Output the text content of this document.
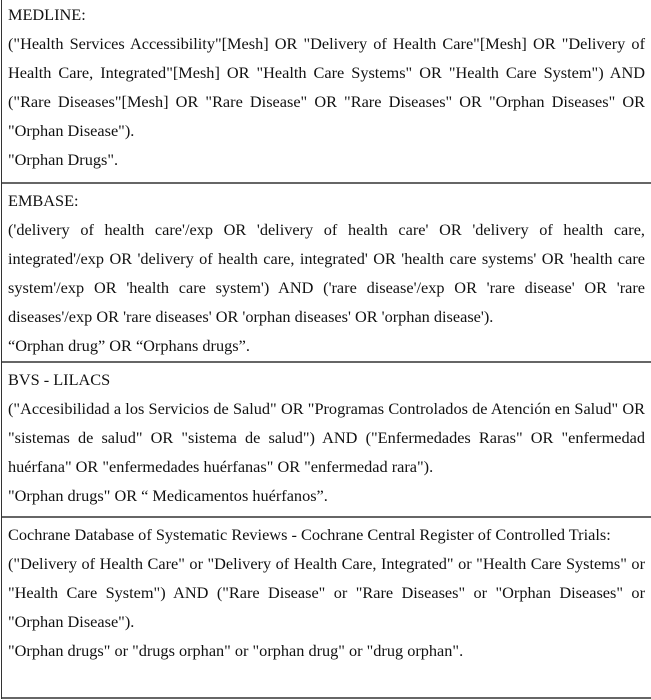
MEDLINE:

("Health Services Accessibility"[Mesh] OR "Delivery of Health Care"[Mesh] OR "Delivery of Health Care, Integrated"[Mesh] OR "Health Care Systems" OR "Health Care System") AND ("Rare Diseases"[Mesh] OR "Rare Disease" OR "Rare Diseases" OR "Orphan Diseases" OR "Orphan Disease").

"Orphan Drugs".

EMBASE:

('delivery of health care'/exp OR 'delivery of health care' OR 'delivery of health care, integrated'/exp OR 'delivery of health care, integrated' OR 'health care systems' OR 'health care system'/exp OR 'health care system') AND ('rare disease'/exp OR 'rare disease' OR 'rare diseases'/exp OR 'rare diseases' OR 'orphan diseases' OR 'orphan disease').

“Orphan drug” OR “Orphans drugs”.

BVS - LILACS

("Accesibilidad a los Servicios de Salud" OR "Programas Controlados de Atención en Salud" OR "sistemas de salud" OR "sistema de salud") AND ("Enfermedades Raras" OR "enfermedad huérfana" OR "enfermedades huérfanas" OR "enfermedad rara").

"Orphan drugs" OR “ Medicamentos huérfanos”.

Cochrane Database of Systematic Reviews - Cochrane Central Register of Controlled Trials:

("Delivery of Health Care" or "Delivery of Health Care, Integrated" or "Health Care Systems" or "Health Care System") AND ("Rare Disease" or "Rare Diseases" or "Orphan Diseases" or "Orphan Disease").

"Orphan drugs" or "drugs orphan" or "orphan drug" or "drug orphan".
